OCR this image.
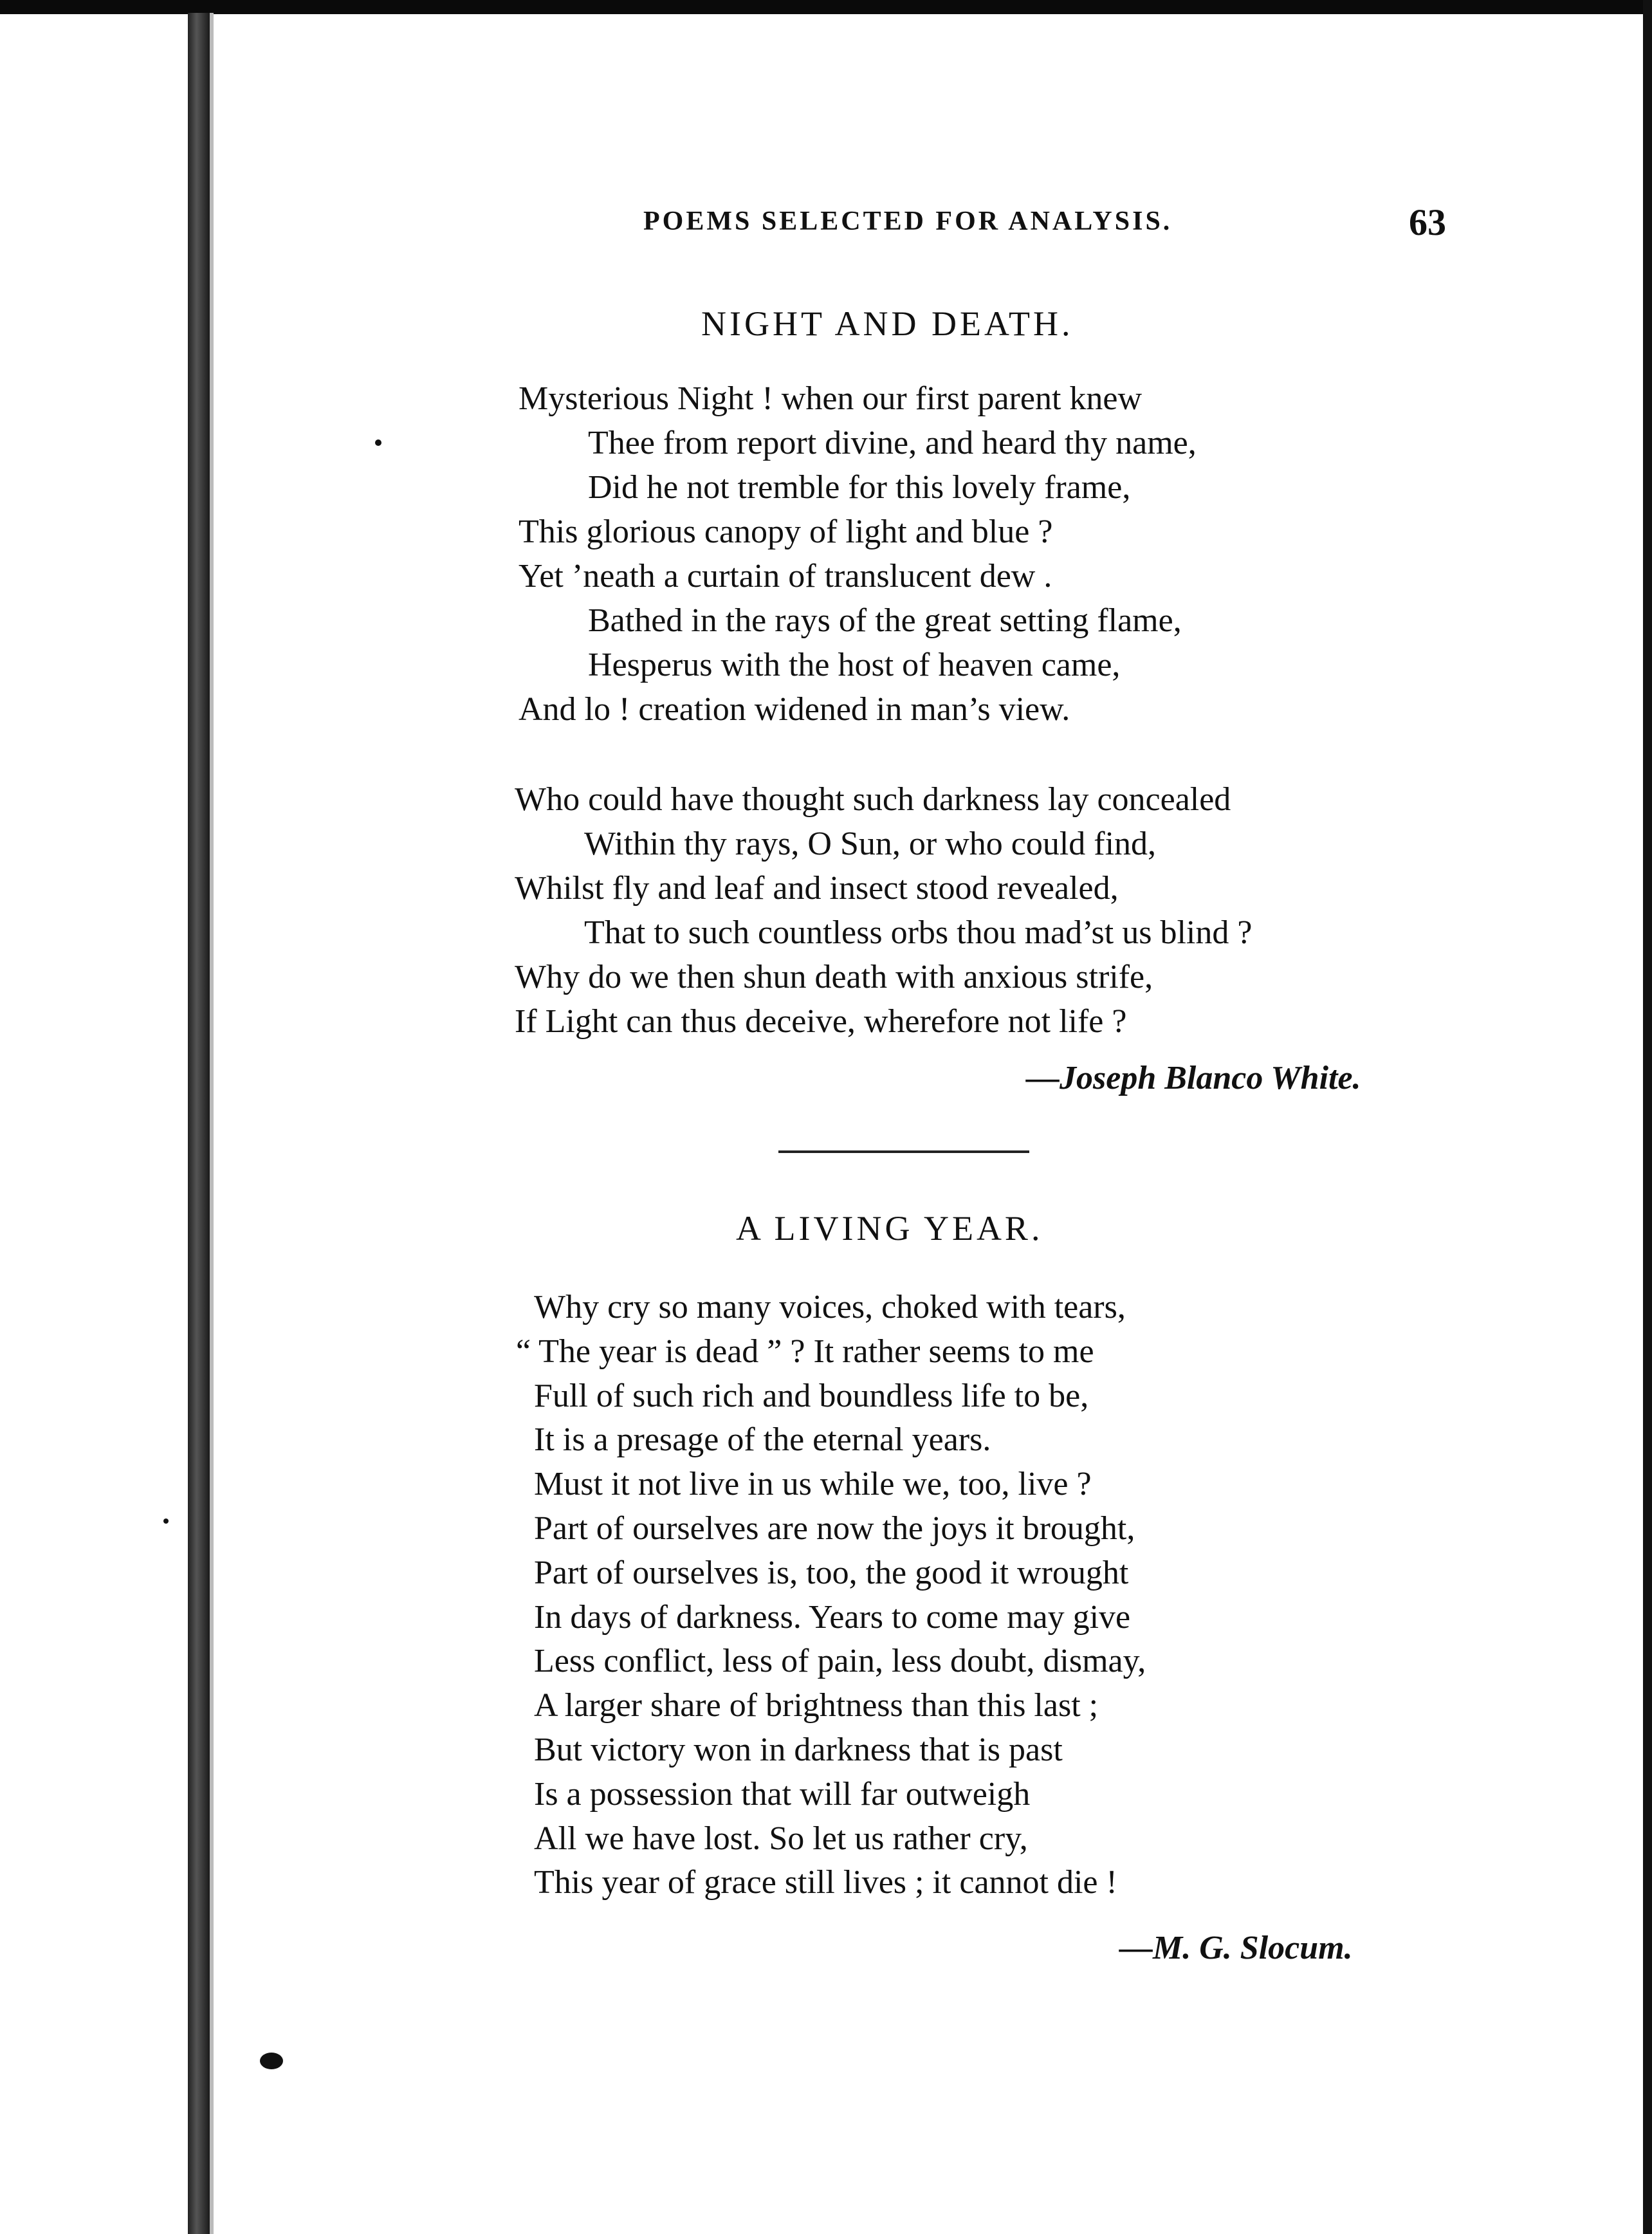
POEMS SELECTED FOR ANALYSIS.	63
NIGHT AND DEATH.
Mysterious Night ! when our first parent knew
Thee from report divine, and heard thy name,
Did he not tremble for this lovely frame,
This glorious canopy of light and blue ?
Yet ’neath a curtain of translucent dew .
Bathed in the rays of the great setting flame,
Hesperus with the host of heaven came,
And lo ! creation widened in man’s view.
Who could have thought such darkness lay concealed
Within thy rays, O Sun, or who could find,
Whilst fly and leaf and insect stood revealed,
That to such countless orbs thou mad’st us blind ?
Why do we then shun death with anxious strife,
If Light can thus deceive, wherefore not life ?
—Joseph Blanco White.
A LIVING YEAR.
Why cry so many voices, choked with tears,
“ The year is dead ” ? It rather seems to me
Full of such rich and boundless life to be,
It is a presage of the eternal years.
Must it not live in us while we, too, live ?
Part of ourselves are now the joys it brought,
Part of ourselves is, too, the good it wrought
In days of darkness. Years to come may give
Less conflict, less of pain, less doubt, dismay,
A larger share of brightness than this last ;
But victory won in darkness that is past
Is a possession that will far outweigh
All we have lost. So let us rather cry,
This year of grace still lives ; it cannot die !
—M. G. Slocum.
